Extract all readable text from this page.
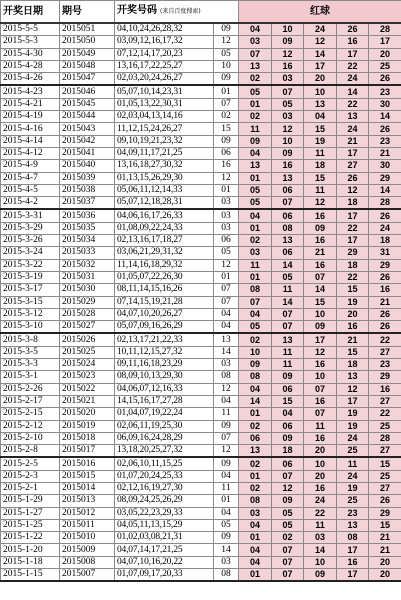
开奖日期	期号	开奖号码 (来自百度搜索)		红球				
2015-5-5	2015051	04,10,24,26,28,32	09	04	10	24	26	28
2015-5-3	2015050	03,09,12,16,17,32	12	03	09	12	16	17
2015-4-30	2015049	07,12,14,17,20,23	05	07	12	14	17	20
2015-4-28	2015048	13,16,17,22,25,27	10	13	16	17	22	25
2015-4-26	2015047	02,03,20,24,26,27	09	02	03	20	24	26
2015-4-23	2015046	05,07,10,14,23,31	01	05	07	10	14	23
2015-4-21	2015045	01,05,13,22,30,31	07	01	05	13	22	30
2015-4-19	2015044	02,03,04,13,14,16	02	02	03	04	13	14
2015-4-16	2015043	11,12,15,24,26,27	15	11	12	15	24	26
2015-4-14	2015042	09,10,19,21,23,32	09	09	10	19	21	23
2015-4-12	2015041	04,09,11,17,21,25	06	04	09	11	17	21
2015-4-9	2015040	13,16,18,27,30,32	16	13	16	18	27	30
2015-4-7	2015039	01,13,15,26,29,30	12	01	13	15	26	29
2015-4-5	2015038	05,06,11,12,14,33	01	05	06	11	12	14
2015-4-2	2015037	05,07,12,18,28,31	03	05	07	12	18	28
2015-3-31	2015036	04,06,16,17,26,33	03	04	06	16	17	26
2015-3-29	2015035	01,08,09,22,24,33	03	01	08	09	22	24
2015-3-26	2015034	02,13,16,17,18,27	06	02	13	16	17	18
2015-3-24	2015033	03,06,21,29,31,32	05	03	06	21	29	31
2015-3-22	2015032	11,14,16,18,29,32	12	11	14	16	18	29
2015-3-19	2015031	01,05,07,22,26,30	01	01	05	07	22	26
2015-3-17	2015030	08,11,14,15,16,26	07	08	11	14	15	16
2015-3-15	2015029	07,14,15,19,21,28	07	07	14	15	19	21
2015-3-12	2015028	04,07,10,20,26,27	04	04	07	10	20	26
2015-3-10	2015027	05,07,09,16,26,29	04	05	07	09	16	26
2015-3-8	2015026	02,13,17,21,22,33	13	02	13	17	21	22
2015-3-5	2015025	10,11,12,15,27,32	14	10	11	12	15	27
2015-3-3	2015024	09,11,16,18,23,29	03	09	11	16	18	23
2015-3-1	2015023	08,09,10,13,29,30	08	08	09	10	13	29
2015-2-26	2015022	04,06,07,12,16,33	12	04	06	07	12	16
2015-2-17	2015021	14,15,16,17,27,28	04	14	15	16	17	27
2015-2-15	2015020	01,04,07,19,22,24	11	01	04	07	19	22
2015-2-12	2015019	02,06,11,19,25,30	09	02	06	11	19	25
2015-2-10	2015018	06,09,16,24,28,29	07	06	09	16	24	28
2015-2-8	2015017	13,18,20,25,27,32	12	13	18	20	25	27
2015-2-5	2015016	02,06,10,11,15,25	09	02	06	10	11	15
2015-2-3	2015015	01,07,20,24,25,33	04	01	07	20	24	25
2015-2-1	2015014	02,12,16,19,27,30	11	02	12	16	19	27
2015-1-29	2015013	08,09,24,25,26,29	01	08	09	24	25	26
2015-1-27	2015012	03,05,22,23,29,33	04	03	05	22	23	29
2015-1-25	2015011	04,05,11,13,15,29	05	04	05	11	13	15
2015-1-22	2015010	01,02,03,08,21,31	09	01	02	03	08	21
2015-1-20	2015009	04,07,14,17,21,25	14	04	07	14	17	21
2015-1-18	2015008	04,07,10,16,20,22	03	04	07	10	16	20
2015-1-15	2015007	01,07,09,17,20,33	08	01	07	09	17	20
